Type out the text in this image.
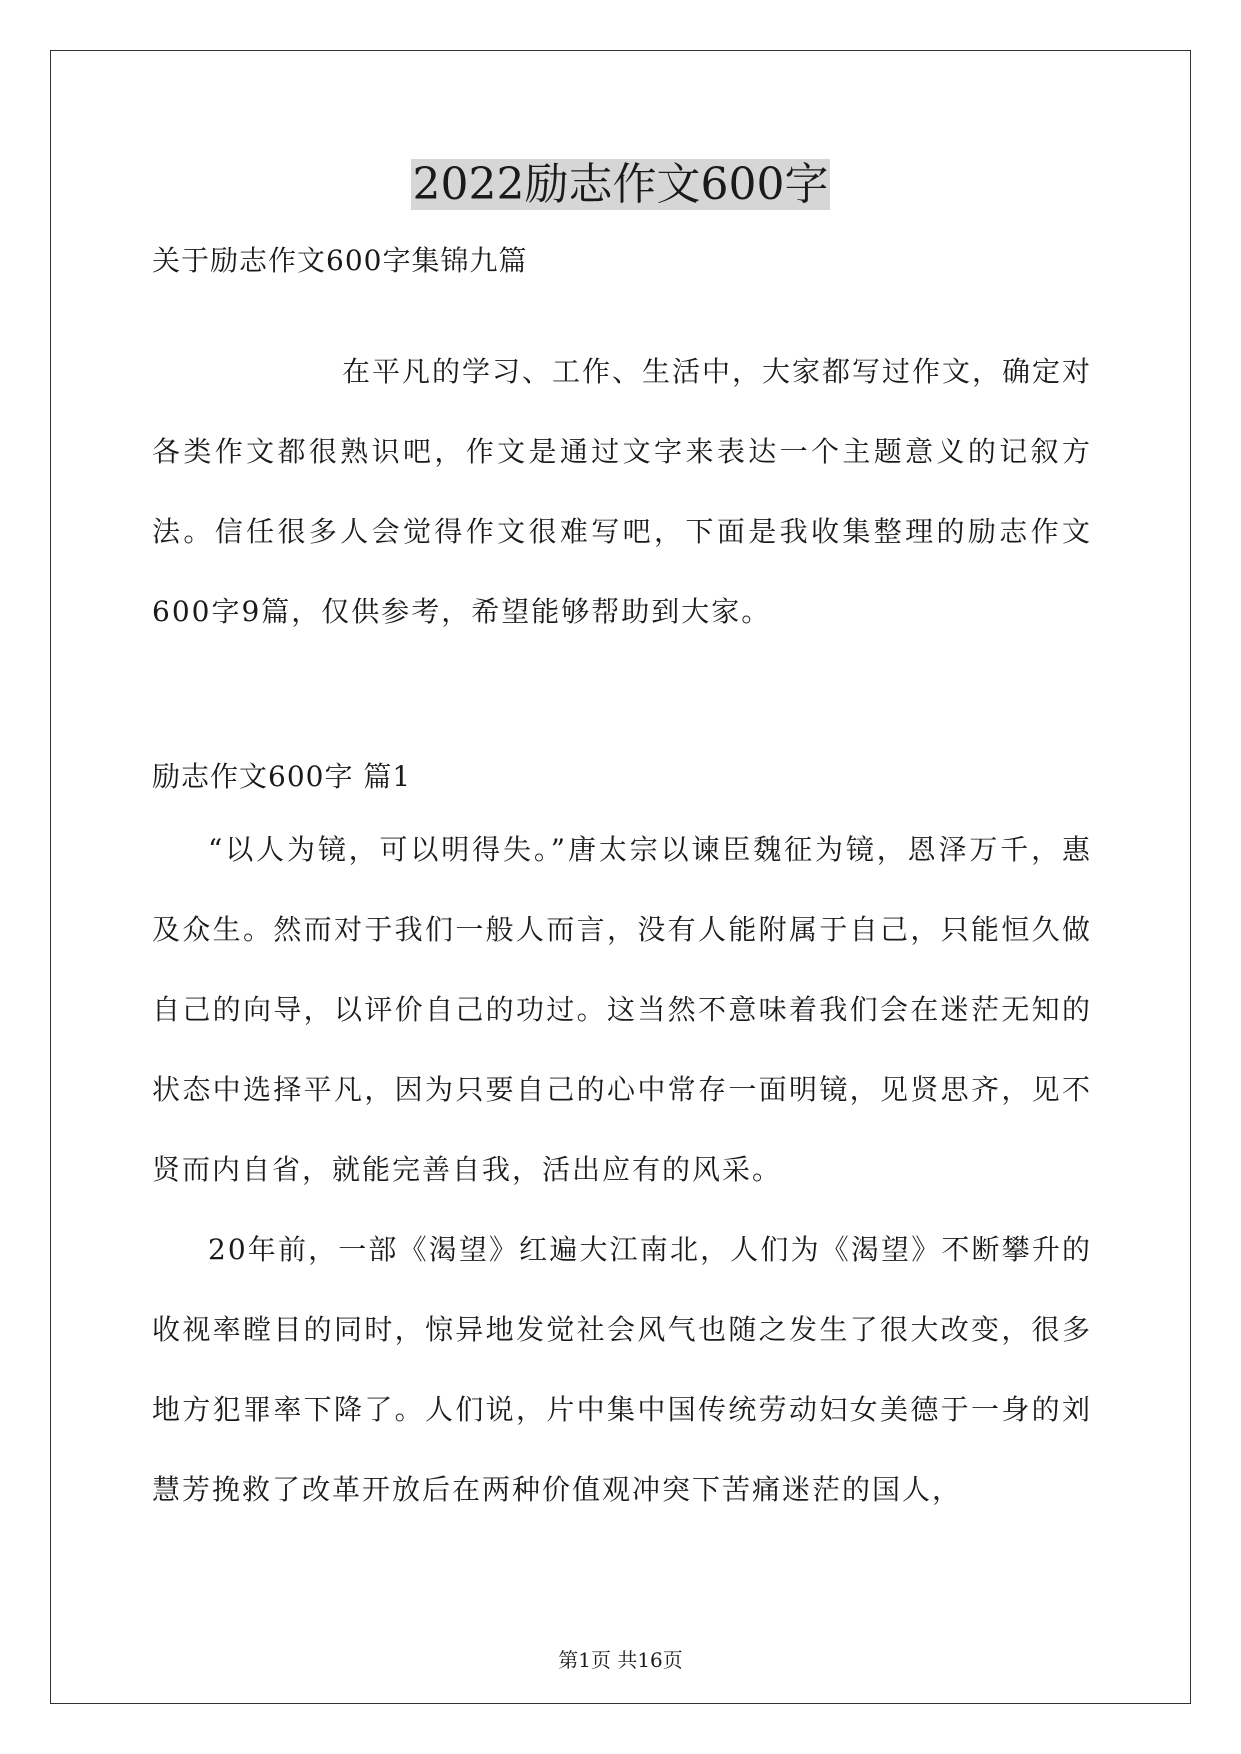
2022励志作文600字
关于励志作文600字集锦九篇

在平凡的学习、工作、生活中，大家都写过作文，确定对各类作文都很熟识吧，作文是通过文字来表达一个主题意义的记叙方法。信任很多人会觉得作文很难写吧，下面是我收集整理的励志作文600字9篇，仅供参考，希望能够帮助到大家。

励志作文600字 篇1

“以人为镜，可以明得失。”唐太宗以谏臣魏征为镜，恩泽万千，惠及众生。然而对于我们一般人而言，没有人能附属于自己，只能恒久做自己的向导，以评价自己的功过。这当然不意味着我们会在迷茫无知的状态中选择平凡，因为只要自己的心中常存一面明镜，见贤思齐，见不贤而内自省，就能完善自我，活出应有的风采。

20年前，一部《渴望》红遍大江南北，人们为《渴望》不断攀升的收视率瞠目的同时，惊异地发觉社会风气也随之发生了很大改变，很多地方犯罪率下降了。人们说，片中集中国传统劳动妇女美德于一身的刘慧芳挽救了改革开放后在两种价值观冲突下苦痛迷茫的国人，

第1页 共16页
